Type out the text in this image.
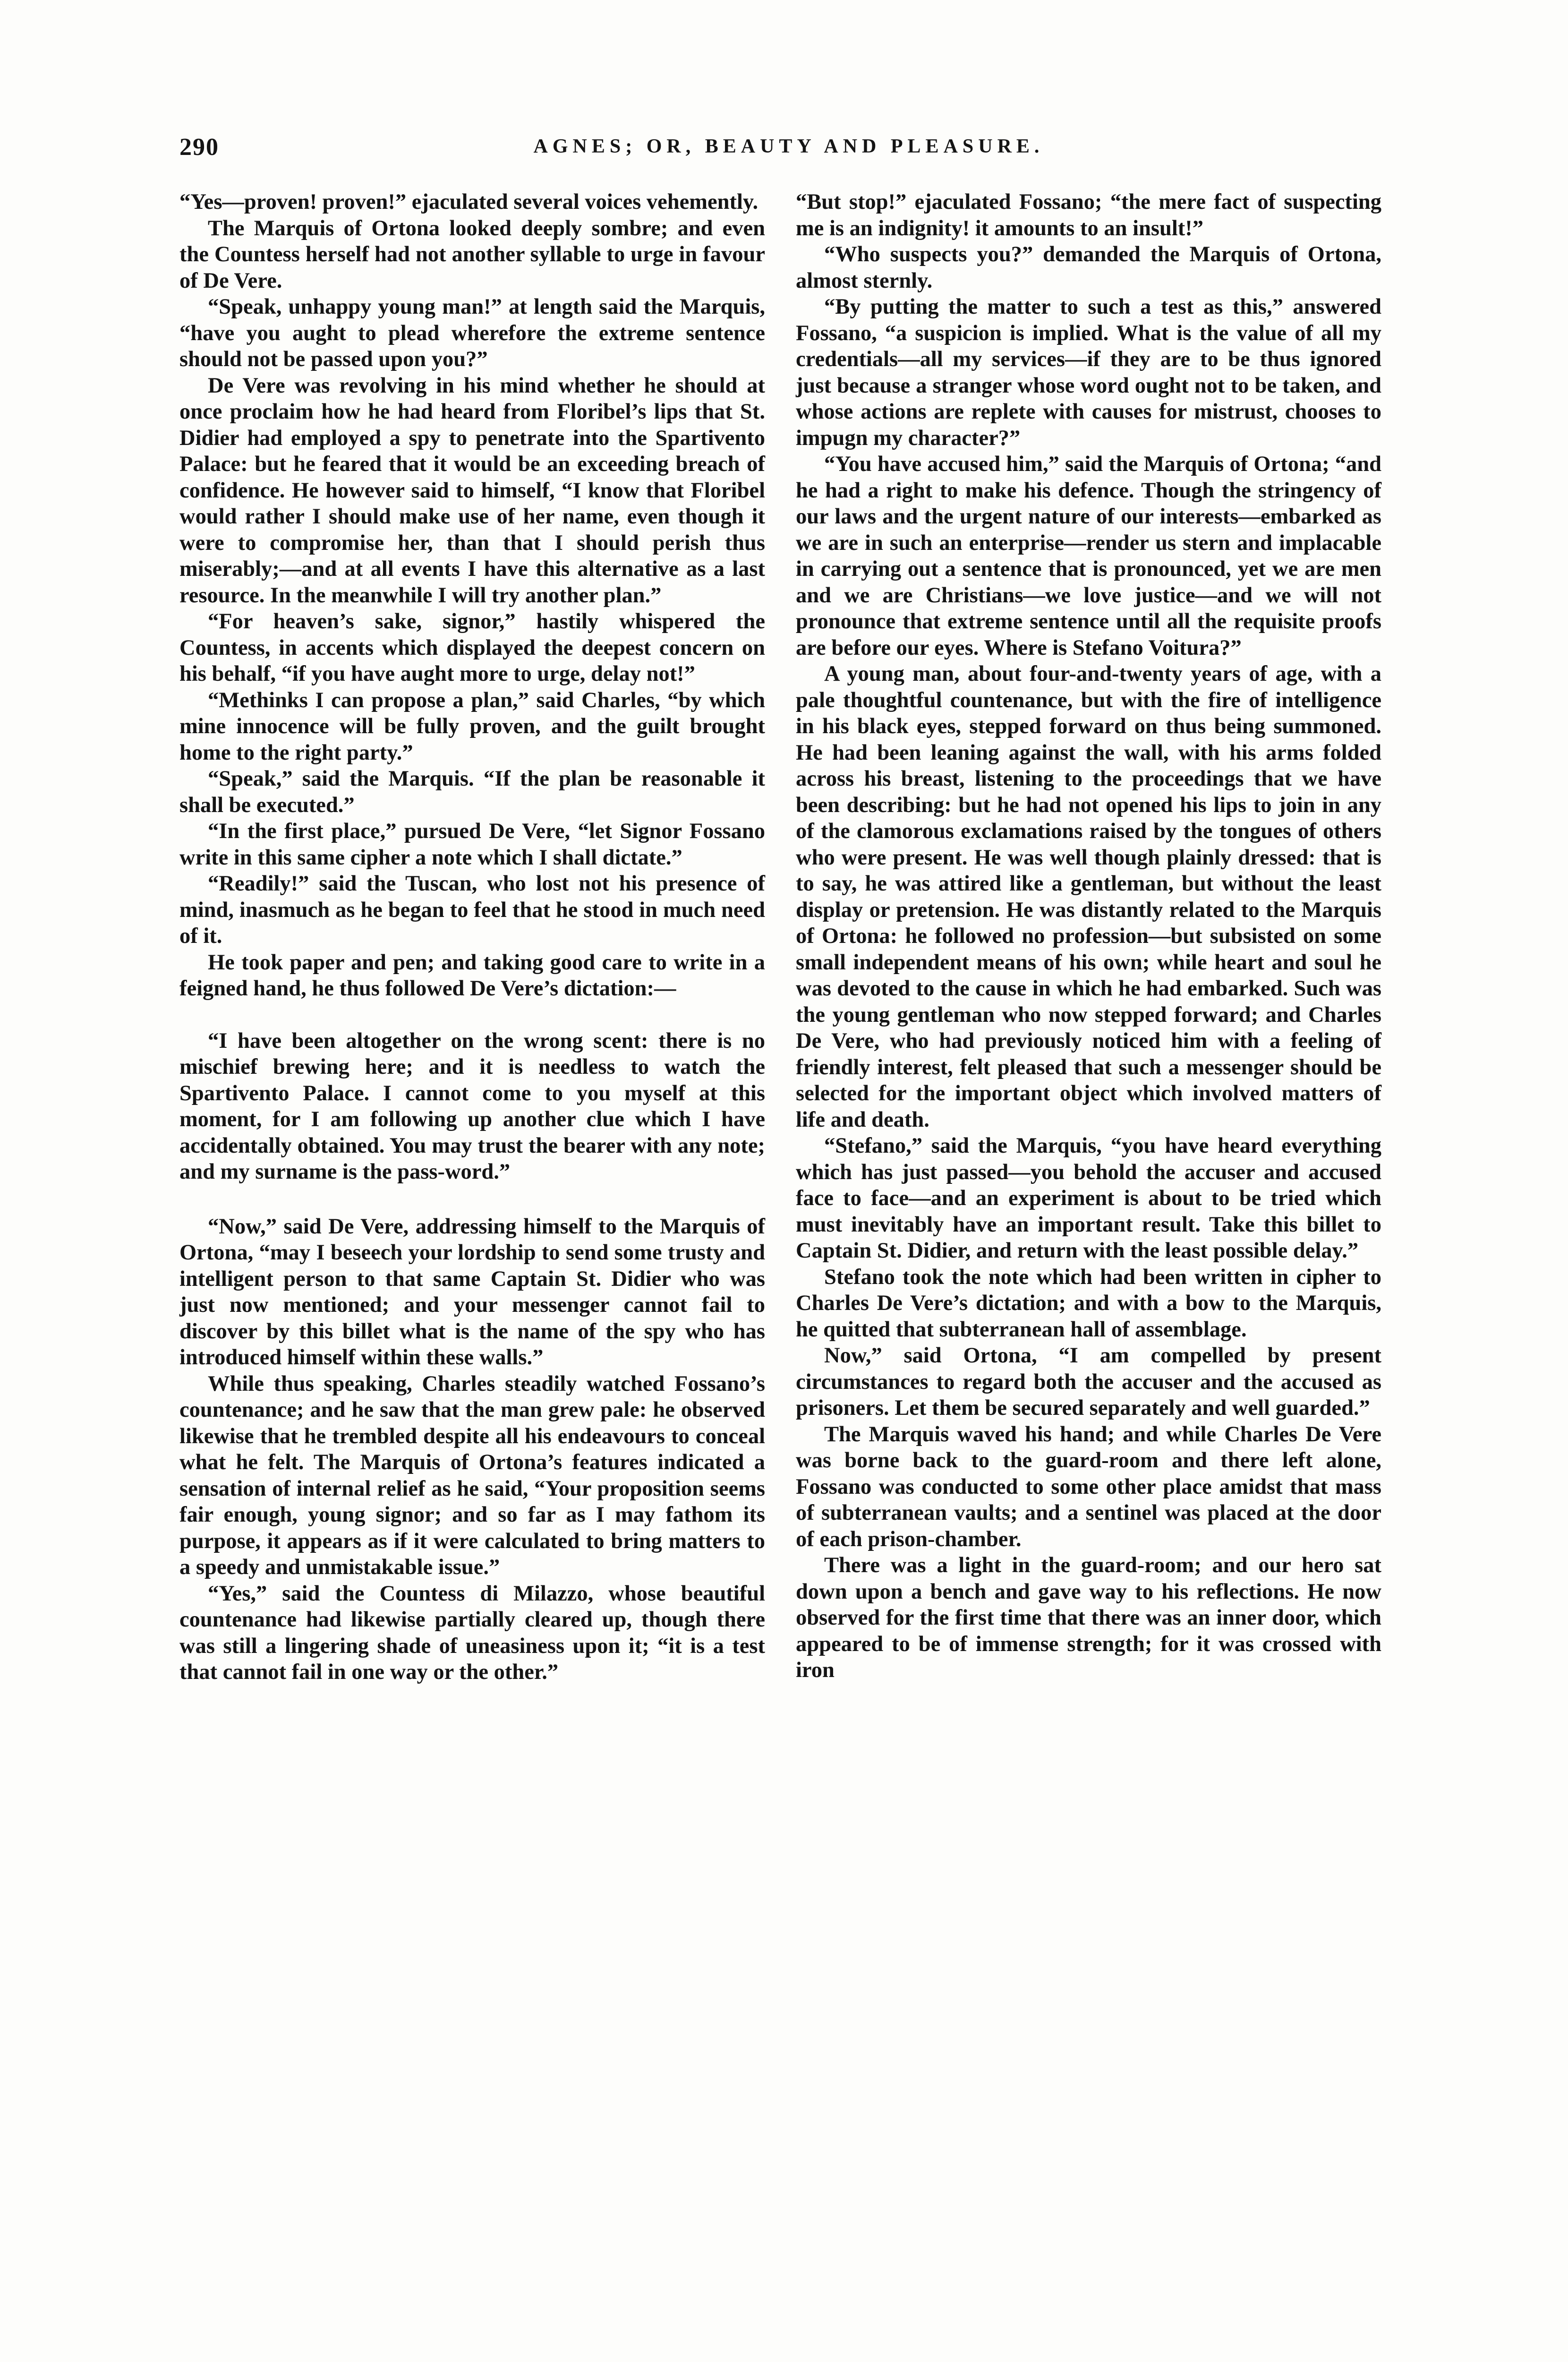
290	AGNES; OR, BEAUTY AND PLEASURE.

“Yes—proven! proven!” ejaculated several voices vehemently.

The Marquis of Ortona looked deeply sombre; and even the Countess herself had not another syllable to urge in favour of De Vere.

“Speak, unhappy young man!” at length said the Marquis, “have you aught to plead wherefore the extreme sentence should not be passed upon you?”

De Vere was revolving in his mind whether he should at once proclaim how he had heard from Floribel’s lips that St. Didier had employed a spy to penetrate into the Spartivento Palace: but he feared that it would be an exceeding breach of confidence. He however said to himself, “I know that Floribel would rather I should make use of her name, even though it were to compromise her, than that I should perish thus miserably;—and at all events I have this alternative as a last resource. In the meanwhile I will try another plan.”

“For heaven’s sake, signor,” hastily whispered the Countess, in accents which displayed the deepest concern on his behalf, “if you have aught more to urge, delay not!”

“Methinks I can propose a plan,” said Charles, “by which mine innocence will be fully proven, and the guilt brought home to the right party.”

“Speak,” said the Marquis. “If the plan be reasonable it shall be executed.”

“In the first place,” pursued De Vere, “let Signor Fossano write in this same cipher a note which I shall dictate.”

“Readily!” said the Tuscan, who lost not his presence of mind, inasmuch as he began to feel that he stood in much need of it.

He took paper and pen; and taking good care to write in a feigned hand, he thus followed De Vere’s dictation:—

“I have been altogether on the wrong scent: there is no mischief brewing here; and it is needless to watch the Spartivento Palace. I cannot come to you myself at this moment, for I am following up another clue which I have accidentally obtained. You may trust the bearer with any note; and my surname is the pass-word.”

“Now,” said De Vere, addressing himself to the Marquis of Ortona, “may I beseech your lordship to send some trusty and intelligent person to that same Captain St. Didier who was just now mentioned; and your messenger cannot fail to discover by this billet what is the name of the spy who has introduced himself within these walls.”

While thus speaking, Charles steadily watched Fossano’s countenance; and he saw that the man grew pale: he observed likewise that he trembled despite all his endeavours to conceal what he felt. The Marquis of Ortona’s features indicated a sensation of internal relief as he said, “Your proposition seems fair enough, young signor; and so far as I may fathom its purpose, it appears as if it were calculated to bring matters to a speedy and unmistakable issue.”

“Yes,” said the Countess di Milazzo, whose beautiful countenance had likewise partially cleared up, though there was still a lingering shade of uneasiness upon it; “it is a test that cannot fail in one way or the other.”

“But stop!” ejaculated Fossano; “the mere fact of suspecting me is an indignity! it amounts to an insult!”

“Who suspects you?” demanded the Marquis of Ortona, almost sternly.

“By putting the matter to such a test as this,” answered Fossano, “a suspicion is implied. What is the value of all my credentials—all my services—if they are to be thus ignored just because a stranger whose word ought not to be taken, and whose actions are replete with causes for mistrust, chooses to impugn my character?”

“You have accused him,” said the Marquis of Ortona; “and he had a right to make his defence. Though the stringency of our laws and the urgent nature of our interests—embarked as we are in such an enterprise—render us stern and implacable in carrying out a sentence that is pronounced, yet we are men and we are Christians—we love justice—and we will not pronounce that extreme sentence until all the requisite proofs are before our eyes. Where is Stefano Voitura?”

A young man, about four-and-twenty years of age, with a pale thoughtful countenance, but with the fire of intelligence in his black eyes, stepped forward on thus being summoned. He had been leaning against the wall, with his arms folded across his breast, listening to the proceedings that we have been describing: but he had not opened his lips to join in any of the clamorous exclamations raised by the tongues of others who were present. He was well though plainly dressed: that is to say, he was attired like a gentleman, but without the least display or pretension. He was distantly related to the Marquis of Ortona: he followed no profession—but subsisted on some small independent means of his own; while heart and soul he was devoted to the cause in which he had embarked. Such was the young gentleman who now stepped forward; and Charles De Vere, who had previously noticed him with a feeling of friendly interest, felt pleased that such a messenger should be selected for the important object which involved matters of life and death.

“Stefano,” said the Marquis, “you have heard everything which has just passed—you behold the accuser and accused face to face—and an experiment is about to be tried which must inevitably have an important result. Take this billet to Captain St. Didier, and return with the least possible delay.”

Stefano took the note which had been written in cipher to Charles De Vere’s dictation; and with a bow to the Marquis, he quitted that subterranean hall of assemblage.

Now,” said Ortona, “I am compelled by present circumstances to regard both the accuser and the accused as prisoners. Let them be secured separately and well guarded.”

The Marquis waved his hand; and while Charles De Vere was borne back to the guard-room and there left alone, Fossano was conducted to some other place amidst that mass of subterranean vaults; and a sentinel was placed at the door of each prison-chamber.

There was a light in the guard-room; and our hero sat down upon a bench and gave way to his reflections. He now observed for the first time that there was an inner door, which appeared to be of immense strength; for it was crossed with iron
